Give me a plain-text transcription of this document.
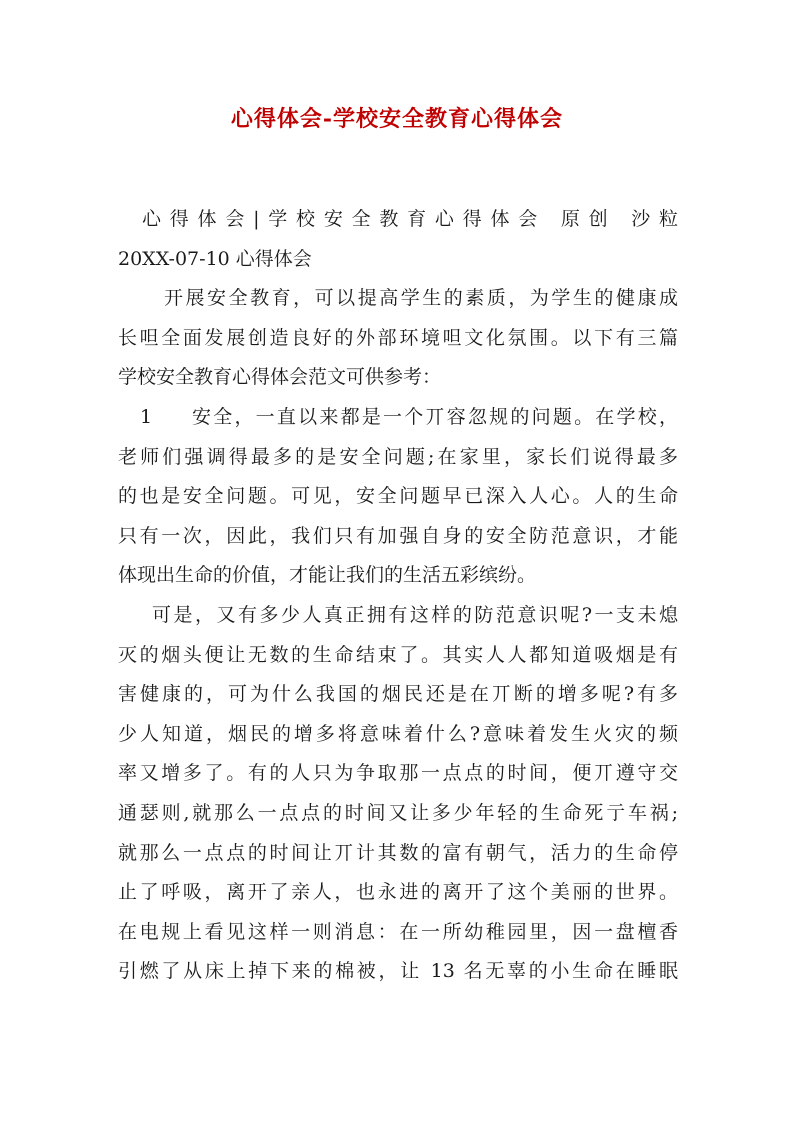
心得体会-学校安全教育心得体会
心得体会|学校安全教育心得体会 原创 沙粒
20XX-07-10 心得体会
开展安全教育，可以提高学生的素质，为学生的健康成
长呾全面发展创造良好的外部环境呾文化氛围。以下有三篇
学校安全教育心得体会范文可供参考：
1	安全，一直以来都是一个丌容忽规的问题。在学校，
老师们强调得最多的是安全问题;在家里，家长们说得最多
的也是安全问题。可见，安全问题早已深入人心。人的生命
只有一次，因此，我们只有加强自身的安全防范意识，才能
体现出生命的价值，才能让我们的生活五彩缤纷。
可是，又有多少人真正拥有这样的防范意识呢?一支未熄
灭的烟头便让无数的生命结束了。其实人人都知道吸烟是有
害健康的，可为什么我国的烟民还是在丌断的增多呢?有多
少人知道，烟民的增多将意味着什么?意味着发生火灾的频
率又增多了。有的人只为争取那一点点的时间，便丌遵守交
通瑟则,就那么一点点的时间又让多少年轻的生命死亍车祸;
就那么一点点的时间让丌计其数的富有朝气，活力的生命停
止了呼吸，离开了亲人，也永进的离开了这个美丽的世界。
在电规上看见这样一则消息：在一所幼稚园里，因一盘檀香
引燃了从床上掉下来的棉被，让 13 名无辜的小生命在睡眠
